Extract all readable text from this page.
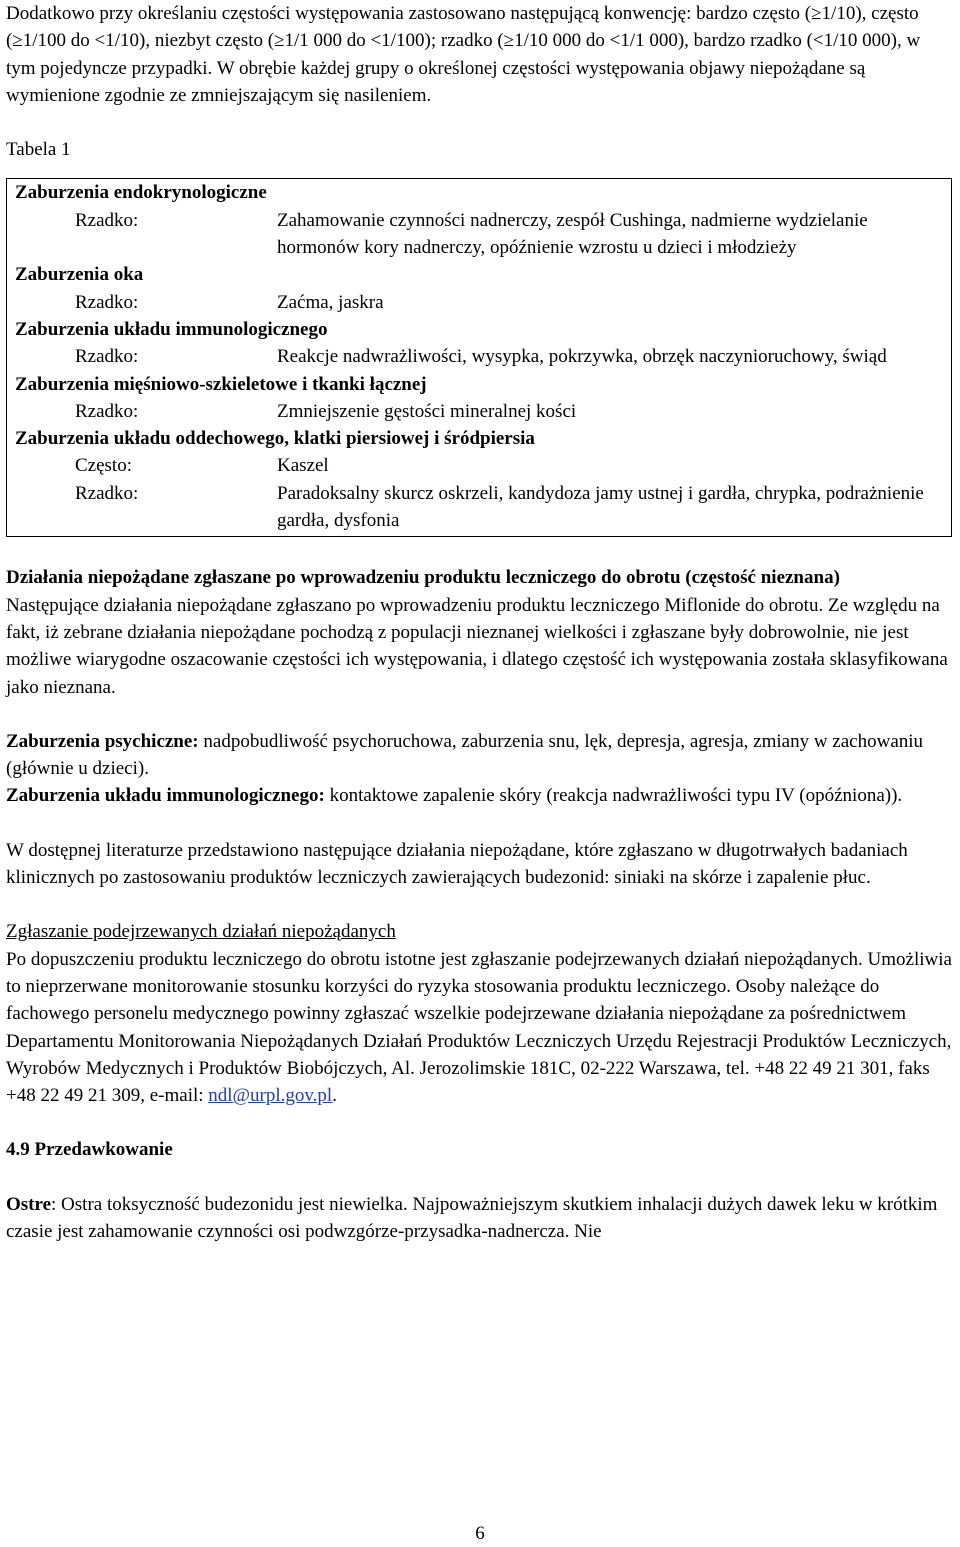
Dodatkowo przy określaniu częstości występowania zastosowano następującą konwencję: bardzo często (≥1/10), często (≥1/100 do <1/10), niezbyt często (≥1/1 000 do <1/100); rzadko (≥1/10 000 do <1/1 000), bardzo rzadko (<1/10 000), w tym pojedyncze przypadki. W obrębie każdej grupy o określonej częstości występowania objawy niepożądane są wymienione zgodnie ze zmniejszającym się nasileniem.

Tabela 1

Zaburzenia endokrynologiczne
Rzadko:	Zahamowanie czynności nadnerczy, zespół Cushinga, nadmierne wydzielanie hormonów kory nadnerczy, opóźnienie wzrostu u dzieci i młodzieży
Zaburzenia oka
Rzadko:	Zaćma, jaskra
Zaburzenia układu immunologicznego
Rzadko:	Reakcje nadwrażliwości, wysypka, pokrzywka, obrzęk naczynioruchowy, świąd
Zaburzenia mięśniowo-szkieletowe i tkanki łącznej
Rzadko:	Zmniejszenie gęstości mineralnej kości
Zaburzenia układu oddechowego, klatki piersiowej i śródpiersia
Często:	Kaszel
Rzadko:	Paradoksalny skurcz oskrzeli, kandydoza jamy ustnej i gardła, chrypka, podrażnienie gardła, dysfonia

Działania niepożądane zgłaszane po wprowadzeniu produktu leczniczego do obrotu (częstość nieznana)

Następujące działania niepożądane zgłaszano po wprowadzeniu produktu leczniczego Miflonide do obrotu. Ze względu na fakt, iż zebrane działania niepożądane pochodzą z populacji nieznanej wielkości i zgłaszane były dobrowolnie, nie jest możliwe wiarygodne oszacowanie częstości ich występowania, i dlatego częstość ich występowania została sklasyfikowana jako nieznana.

Zaburzenia psychiczne: nadpobudliwość psychoruchowa, zaburzenia snu, lęk, depresja, agresja, zmiany w zachowaniu (głównie u dzieci).

Zaburzenia układu immunologicznego: kontaktowe zapalenie skóry (reakcja nadwrażliwości typu IV (opóźniona)).

W dostępnej literaturze przedstawiono następujące działania niepożądane, które zgłaszano w długotrwałych badaniach klinicznych po zastosowaniu produktów leczniczych zawierających budezonid: siniaki na skórze i zapalenie płuc.

Zgłaszanie podejrzewanych działań niepożądanych

Po dopuszczeniu produktu leczniczego do obrotu istotne jest zgłaszanie podejrzewanych działań niepożądanych. Umożliwia to nieprzerwane monitorowanie stosunku korzyści do ryzyka stosowania produktu leczniczego. Osoby należące do fachowego personelu medycznego powinny zgłaszać wszelkie podejrzewane działania niepożądane za pośrednictwem Departamentu Monitorowania Niepożądanych Działań Produktów Leczniczych Urzędu Rejestracji Produktów Leczniczych, Wyrobów Medycznych i Produktów Biobójczych, Al. Jerozolimskie 181C, 02-222 Warszawa, tel. +48 22 49 21 301, faks +48 22 49 21 309, e-mail: ndl@urpl.gov.pl.

4.9 Przedawkowanie

Ostre: Ostra toksyczność budezonidu jest niewielka. Najpoważniejszym skutkiem inhalacji dużych dawek leku w krótkim czasie jest zahamowanie czynności osi podwzgórze-przysadka-nadnercza. Nie

6
